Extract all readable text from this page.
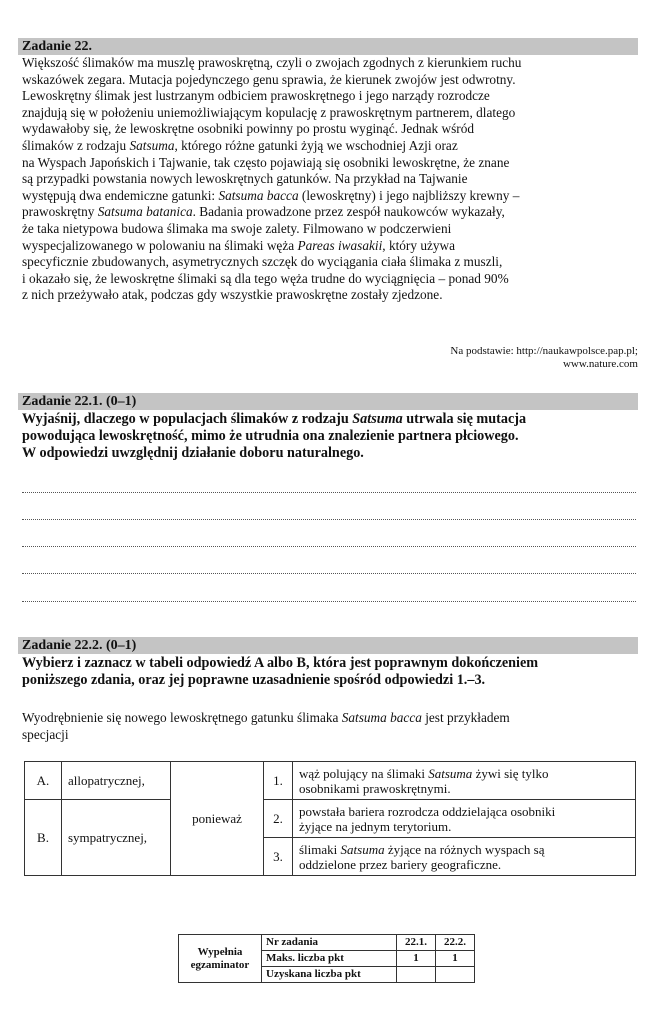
Zadanie 22.

Większość ślimaków ma muszlę prawoskrętną, czyli o zwojach zgodnych z kierunkiem ruchu

wskazówek zegara. Mutacja pojedynczego genu sprawia, że kierunek zwojów jest odwrotny.

Lewoskrętny ślimak jest lustrzanym odbiciem prawoskrętnego i jego narządy rozrodcze

znajdują się w położeniu uniemożliwiającym kopulację z prawoskrętnym partnerem, dlatego

wydawałoby się, że lewoskrętne osobniki powinny po prostu wyginąć. Jednak wśród

ślimaków z rodzaju Satsuma, którego różne gatunki żyją we wschodniej Azji oraz

na Wyspach Japońskich i Tajwanie, tak często pojawiają się osobniki lewoskrętne, że znane

są przypadki powstania nowych lewoskrętnych gatunków. Na przykład na Tajwanie

występują dwa endemiczne gatunki: Satsuma bacca (lewoskrętny) i jego najbliższy krewny –

prawoskrętny Satsuma batanica. Badania prowadzone przez zespół naukowców wykazały,

że taka nietypowa budowa ślimaka ma swoje zalety. Filmowano w podczerwieni

wyspecjalizowanego w polowaniu na ślimaki węża Pareas iwasakii, który używa

specyficznie zbudowanych, asymetrycznych szczęk do wyciągania ciała ślimaka z muszli,

i okazało się, że lewoskrętne ślimaki są dla tego węża trudne do wyciągnięcia – ponad 90%

z nich przeżywało atak, podczas gdy wszystkie prawoskrętne zostały zjedzone.

Na podstawie: http://naukawpolsce.pap.pl;
www.nature.com
Zadanie 22.1. (0–1)
Wyjaśnij, dlaczego w populacjach ślimaków z rodzaju Satsuma utrwala się mutacja
powodująca lewoskrętność, mimo że utrudnia ona znalezienie partnera płciowego.
W odpowiedzi uwzględnij działanie doboru naturalnego.
Zadanie 22.2. (0–1)
Wybierz i zaznacz w tabeli odpowiedź A albo B, która jest poprawnym dokończeniem
poniższego zdania, oraz jej poprawne uzasadnienie spośród odpowiedzi 1.–3.
Wyodrębnienie się nowego lewoskrętnego gatunku ślimaka Satsuma bacca jest przykładem
specjacji
A.	allopatrycznej,	ponieważ	1.	wąż polujący na ślimaki Satsuma żywi się tylko
osobnikami prawoskrętnymi.

B.	sympatrycznej,		2.	powstała bariera rozrodcza oddzielająca osobniki
żyjące na jednym terytorium.

			3.	ślimaki Satsuma żyjące na różnych wyspach są
oddzielone przez bariery geograficzne.
Wypełnia
egzaminator	Nr zadania	22.1.	22.2.
	Maks. liczba pkt	1	1
	Uzyskana liczba pkt		
